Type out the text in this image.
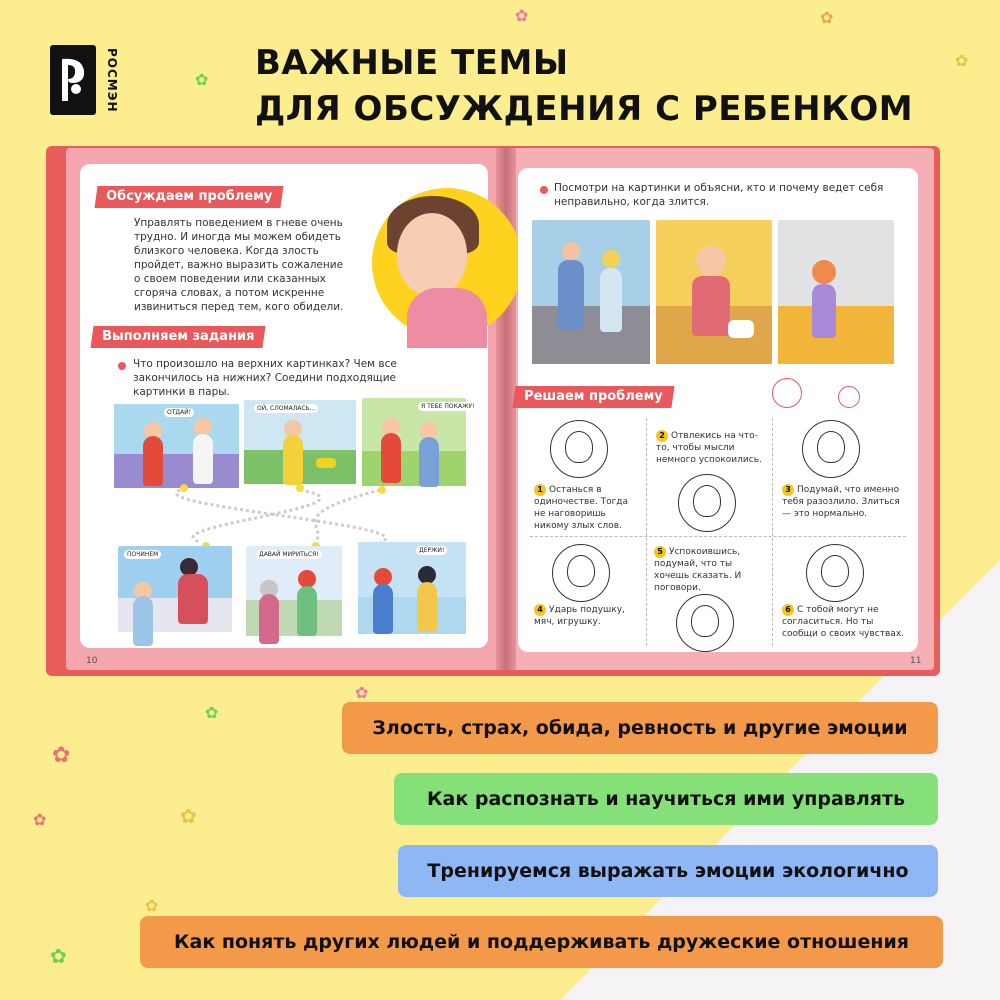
✿	✿
✿
✿
✿
✿
✿
✿
✿
✿
✿
РОСМЭН	ВАЖНЫЕ ТЕМЫ
ДЛЯ ОБСУЖДЕНИЯ С РЕБЕНКОМ
Обсуждаем проблему
Управлять поведением в гневе очень трудно. И иногда мы можем обидеть близкого человека. Когда злость пройдет, важно выразить сожаление о своем поведении или сказанных сгоряча словах, а потом искренне извиниться перед тем, кого обидели.
Выполняем задания
Что произошло на верхних картинках? Чем все закончилось на нижних? Соедини подходящие картинки в пары.
ОТДАЙ!
ОЙ, СЛОМАЛАСЬ...	Я ТЕБЕ ПОКАЖУ!
ПОЧИНЕМ	ДАВАЙ МИРИТЬСЯ!
ДЕРЖИ!
10
Посмотри на картинки и объясни, кто и почему ведет себя неправильно, когда злится.
Решаем проблему
1 Останься в одиночестве. Тогда не наговоришь никому злых слов.
2 Отвлекись на что-то, чтобы мысли немного успокоились.
3 Подумай, что именно тебя разозлило. Злиться — это нормально.
4 Ударь подушку, мяч, игрушку.
5 Успокоившись, подумай, что ты хочешь сказать. И поговори.
6 С тобой могут не согласиться. Но ты сообщи о своих чувствах.
11
Злость, страх, обида, ревность и другие эмоции
Как распознать и научиться ими управлять
Тренируемся выражать эмоции экологично
Как понять других людей и поддерживать дружеские отношения
